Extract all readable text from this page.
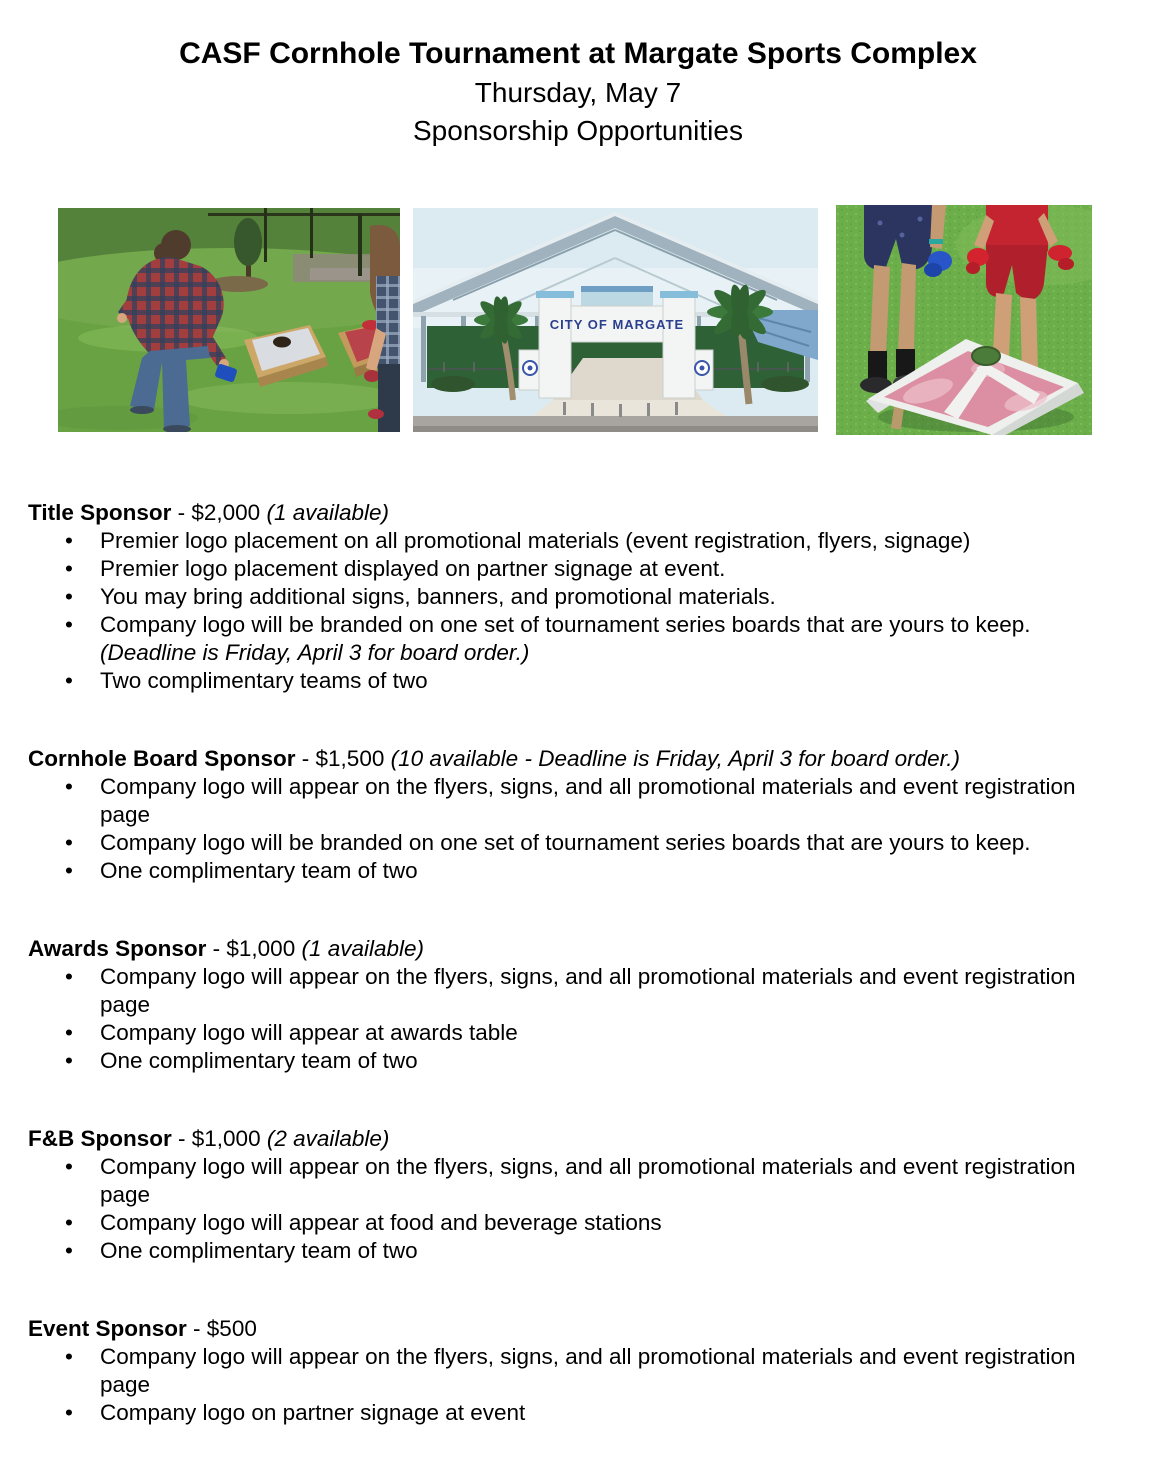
CASF Cornhole Tournament at Margate Sports Complex
Thursday, May 7
Sponsorship Opportunities
CITY OF MARGATE

Title Sponsor - $2,000 (1 available)

• Premier logo placement on all promotional materials (event registration, flyers, signage)
• Premier logo placement displayed on partner signage at event.
• You may bring additional signs, banners, and promotional materials.
• Company logo will be branded on one set of tournament series boards that are yours to keep.
(Deadline is Friday, April 3 for board order.)
• Two complimentary teams of two

Cornhole Board Sponsor - $1,500 (10 available - Deadline is Friday, April 3 for board order.)

• Company logo will appear on the flyers, signs, and all promotional materials and event registration page
• Company logo will be branded on one set of tournament series boards that are yours to keep.
• One complimentary team of two

Awards Sponsor - $1,000 (1 available)

• Company logo will appear on the flyers, signs, and all promotional materials and event registration page
• Company logo will appear at awards table
• One complimentary team of two

F&B Sponsor - $1,000 (2 available)

• Company logo will appear on the flyers, signs, and all promotional materials and event registration page
• Company logo will appear at food and beverage stations
• One complimentary team of two

Event Sponsor - $500

• Company logo will appear on the flyers, signs, and all promotional materials and event registration page
• Company logo on partner signage at event
